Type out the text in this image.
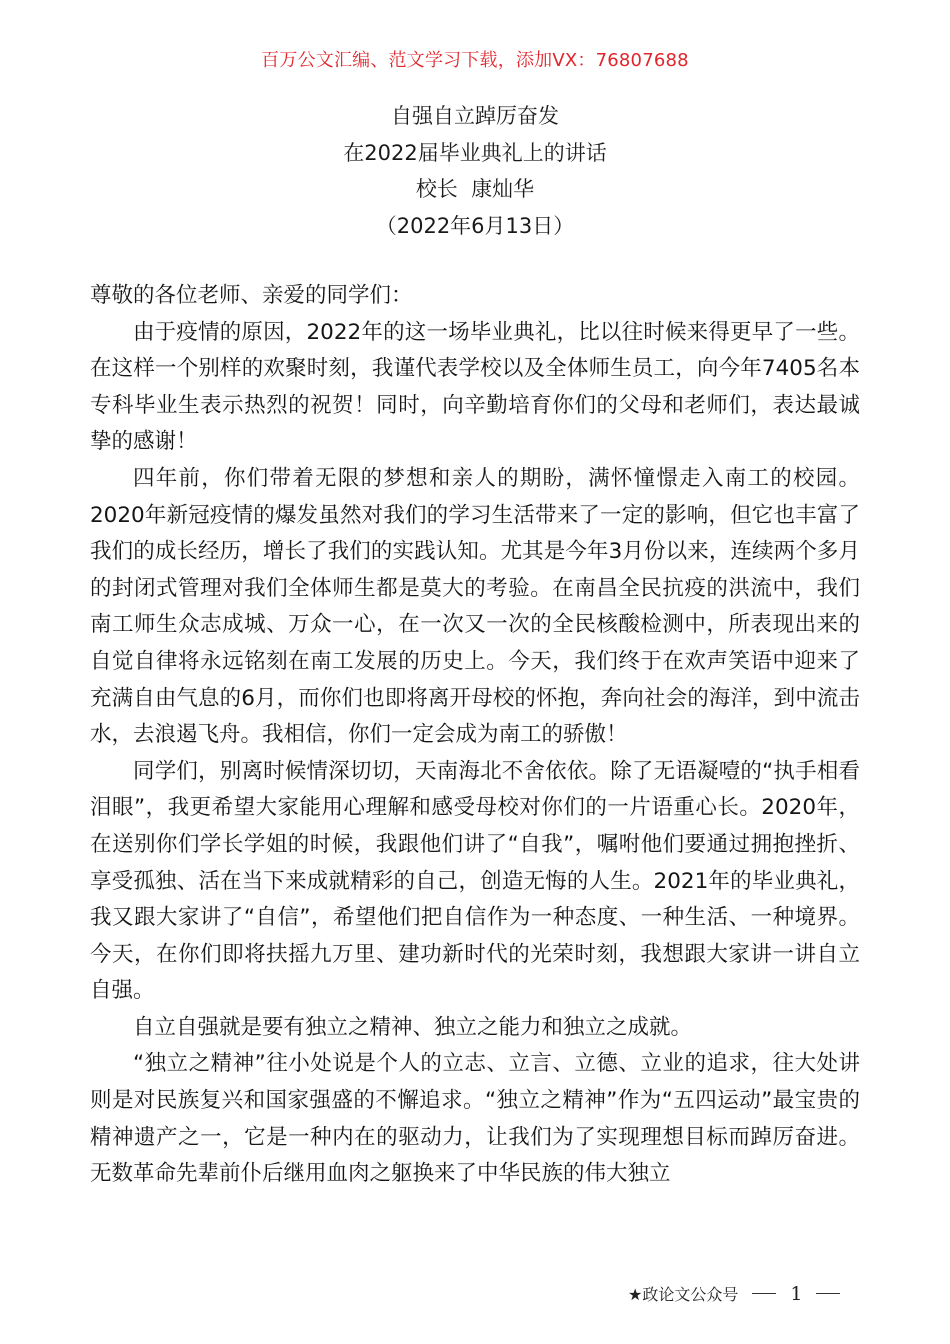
百万公文汇编、范文学习下载，添加VX：76807688
自强自立踔厉奋发
在2022届毕业典礼上的讲话
校长  康灿华
（2022年6月13日）

尊敬的各位老师、亲爱的同学们：

由于疫情的原因，2022年的这一场毕业典礼，比以往时候来得更早了一些。在这样一个别样的欢聚时刻，我谨代表学校以及全体师生员工，向今年7405名本专科毕业生表示热烈的祝贺！同时，向辛勤培育你们的父母和老师们，表达最诚挚的感谢！

四年前，你们带着无限的梦想和亲人的期盼，满怀憧憬走入南工的校园。2020年新冠疫情的爆发虽然对我们的学习生活带来了一定的影响，但它也丰富了我们的成长经历，增长了我们的实践认知。尤其是今年3月份以来，连续两个多月的封闭式管理对我们全体师生都是莫大的考验。在南昌全民抗疫的洪流中，我们南工师生众志成城、万众一心，在一次又一次的全民核酸检测中，所表现出来的自觉自律将永远铭刻在南工发展的历史上。今天，我们终于在欢声笑语中迎来了充满自由气息的6月，而你们也即将离开母校的怀抱，奔向社会的海洋，到中流击水，去浪遏飞舟。我相信，你们一定会成为南工的骄傲！

同学们，别离时候情深切切，天南海北不舍依依。除了无语凝噎的“执手相看泪眼”，我更希望大家能用心理解和感受母校对你们的一片语重心长。2020年，在送别你们学长学姐的时候，我跟他们讲了“自我”，嘱咐他们要通过拥抱挫折、享受孤独、活在当下来成就精彩的自己，创造无悔的人生。2021年的毕业典礼，我又跟大家讲了“自信”，希望他们把自信作为一种态度、一种生活、一种境界。今天，在你们即将扶摇九万里、建功新时代的光荣时刻，我想跟大家讲一讲自立自强。

自立自强就是要有独立之精神、独立之能力和独立之成就。

“独立之精神”往小处说是个人的立志、立言、立德、立业的追求，往大处讲则是对民族复兴和国家强盛的不懈追求。“独立之精神”作为“五四运动”最宝贵的精神遗产之一，它是一种内在的驱动力，让我们为了实现理想目标而踔厉奋进。无数革命先辈前仆后继用血肉之躯换来了中华民族的伟大独立

★政论文公众号	1
